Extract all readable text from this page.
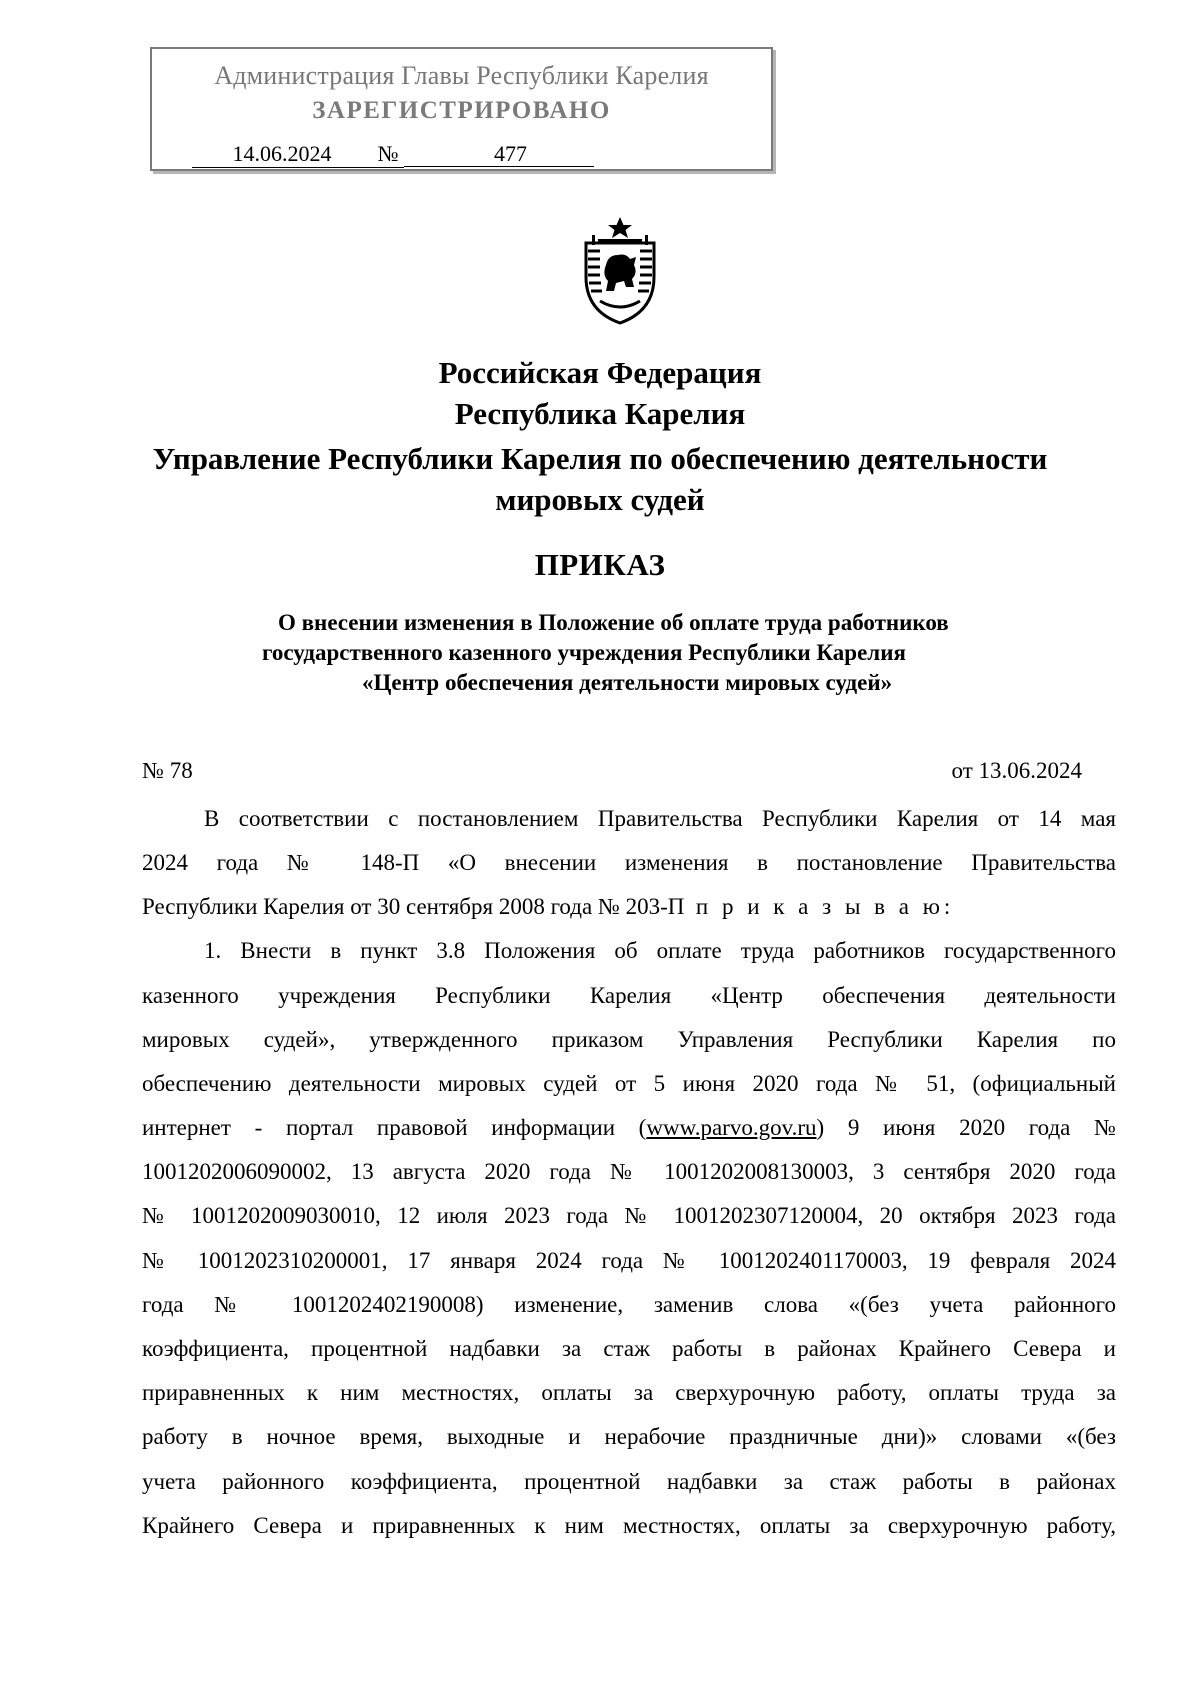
Администрация Главы Республики Карелия
ЗАРЕГИСТРИРОВАНО
14.06.2024	№	477
Российская Федерация
Республика Карелия
Управление Республики Карелия по обеспечению деятельности
мировых судей
ПРИКАЗ
О внесении изменения в Положение об оплате труда работников
государственного казенного учреждения Республики Карелия
«Центр обеспечения деятельности мировых судей»
№ 78	от 13.06.2024
В соответствии с постановлением Правительства Республики Карелия от 14 мая
2024 года № 148-П «О внесении изменения в постановление Правительства
Республики Карелия от 30 сентября 2008 года № 203-П п р и к а з ы в а ю:
1. Внести в пункт 3.8 Положения об оплате труда работников государственного
казенного учреждения Республики Карелия «Центр обеспечения деятельности
мировых судей», утвержденного приказом Управления Республики Карелия по
обеспечению деятельности мировых судей от 5 июня 2020 года № 51, (официальный
интернет - портал правовой информации (www.parvo.gov.ru) 9 июня 2020 года №
1001202006090002, 13 августа 2020 года № 1001202008130003, 3 сентября 2020 года
№ 1001202009030010, 12 июля 2023 года № 1001202307120004, 20 октября 2023 года
№ 1001202310200001, 17 января 2024 года № 1001202401170003, 19 февраля 2024
года № 1001202402190008) изменение, заменив слова «(без учета районного
коэффициента, процентной надбавки за стаж работы в районах Крайнего Севера и
приравненных к ним местностях, оплаты за сверхурочную работу, оплаты труда за
работу в ночное время, выходные и нерабочие праздничные дни)» словами «(без
учета районного коэффициента, процентной надбавки за стаж работы в районах
Крайнего Севера и приравненных к ним местностях, оплаты за сверхурочную работу,
